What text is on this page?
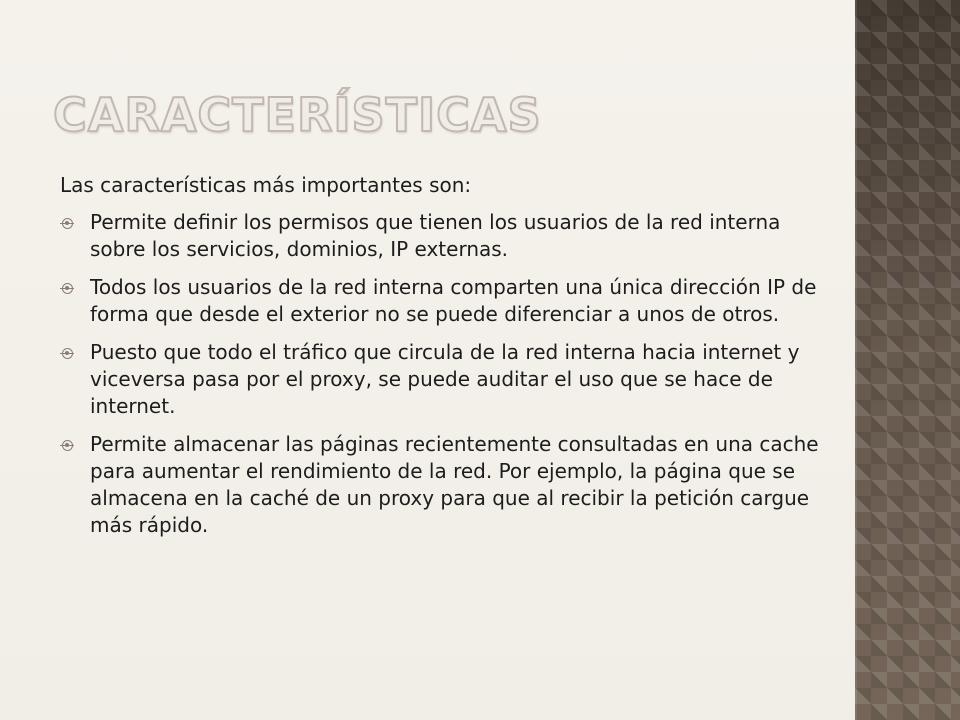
CARACTERÍSTICAS

Las características más importantes son:

Permite definir los permisos que tienen los usuarios de la red interna sobre los servicios, dominios, IP externas.
Todos los usuarios de la red interna comparten una única dirección IP de forma que desde el exterior no se puede diferenciar a unos de otros.
Puesto que todo el tráfico que circula de la red interna hacia internet y viceversa pasa por el proxy, se puede auditar el uso que se hace de internet.
Permite almacenar las páginas recientemente consultadas en una cache para aumentar el rendimiento de la red. Por ejemplo, la página que se almacena en la caché de un proxy para que al recibir la petición cargue más rápido.
